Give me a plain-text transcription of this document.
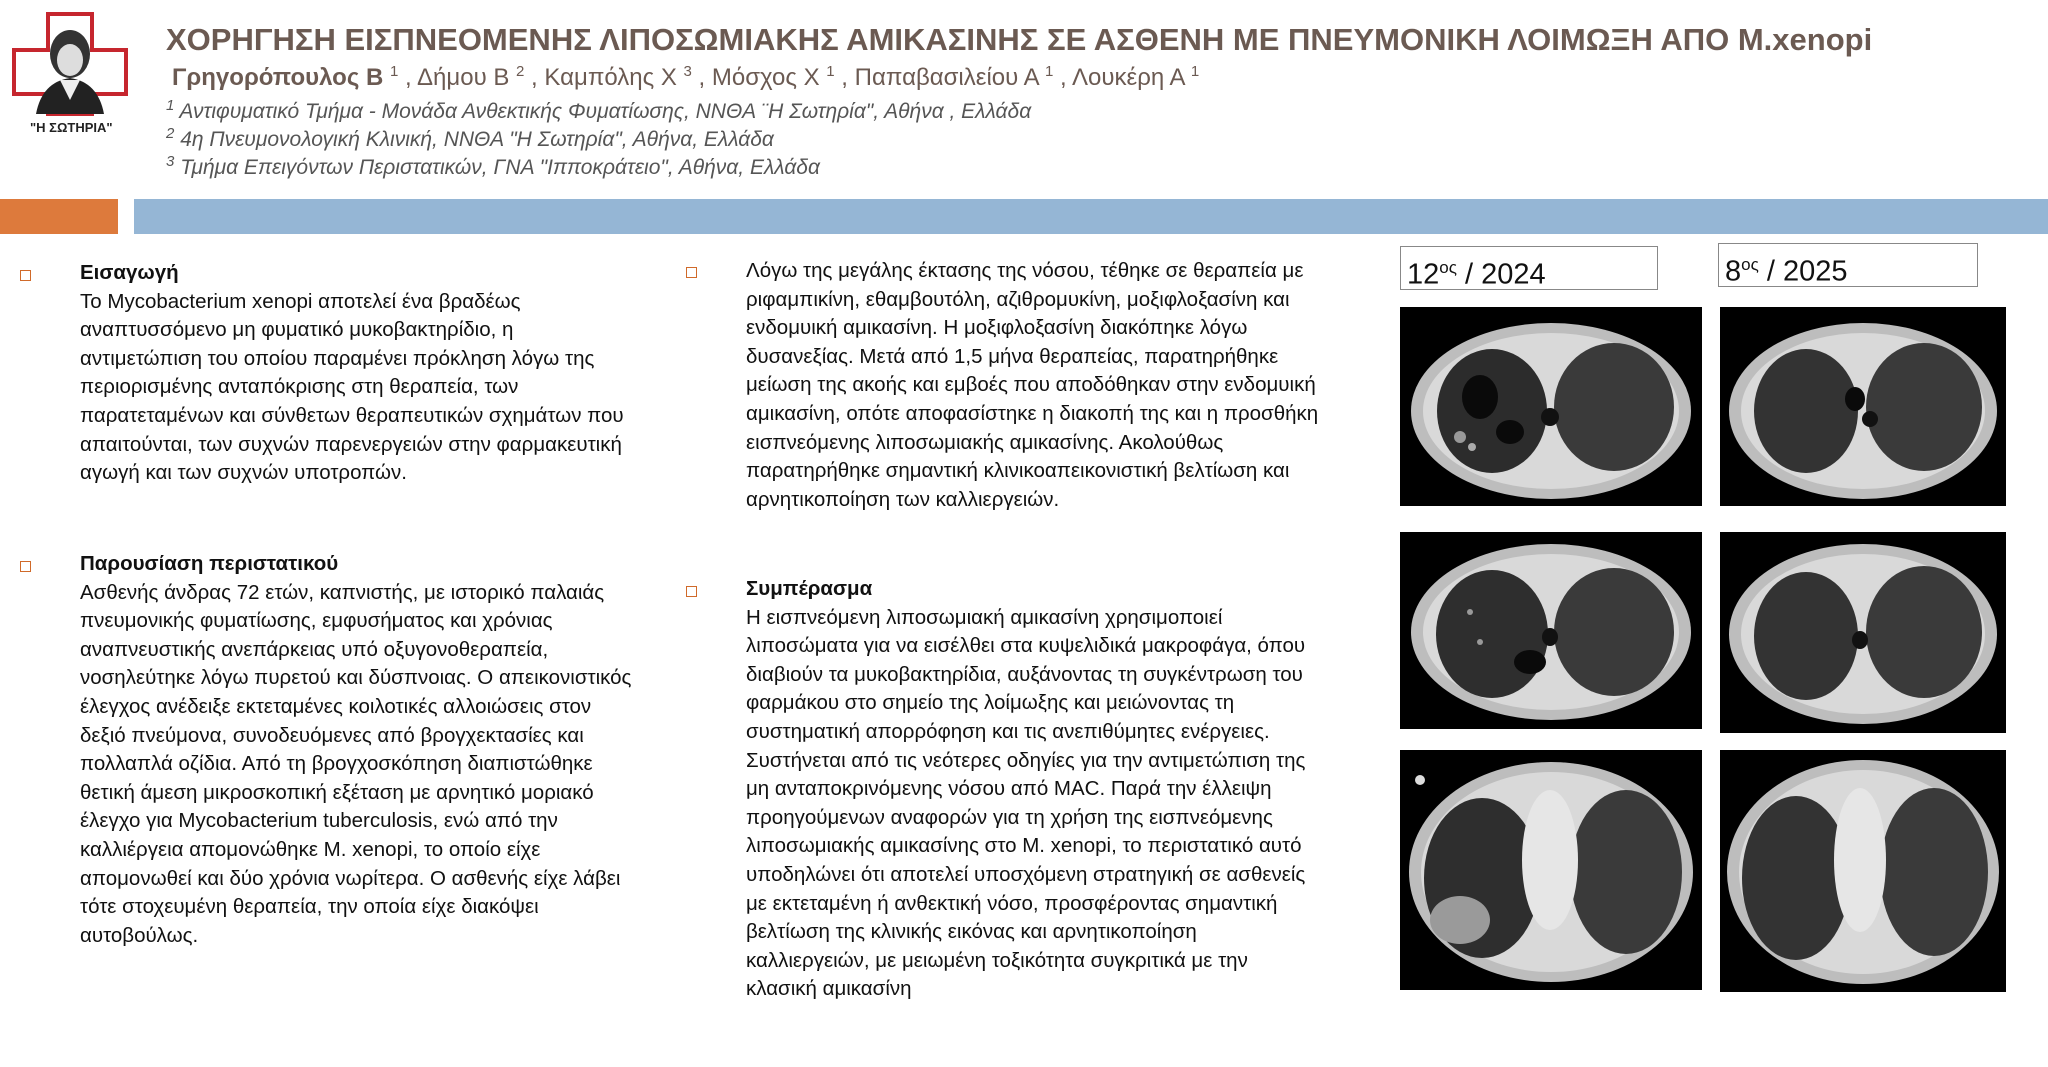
"Η ΣΩΤΗΡΙΑ"
ΧΟΡΗΓΗΣΗ ΕΙΣΠΝΕΟΜΕΝΗΣ ΛΙΠΟΣΩΜΙΑΚΗΣ ΑΜΙΚΑΣΙΝΗΣ ΣΕ ΑΣΘΕΝΗ ΜΕ ΠΝΕΥΜΟΝΙΚΗ ΛΟΙΜΩΞΗ ΑΠΟ M.xenopi
Γρηγορόπουλος Β $^1$ , Δήμου Β $^2$ , Καμπόλης Χ $^3$ , Μόσχος Χ $^1$ , Παπαβασιλείου Α $^1$ , Λουκέρη Α $^1$
$^1$ Αντιφυματικό Τμήμα - Μονάδα Ανθεκτικής Φυματίωσης, ΝΝΘΑ ¨Η Σωτηρία", Αθήνα , Ελλάδα
$^2$ 4η Πνευμονολογική Κλινική, ΝΝΘΑ "Η Σωτηρία", Αθήνα, Ελλάδα
$^3$ Τμήμα Επειγόντων Περιστατικών, ΓΝΑ "Ιπποκράτειο", Αθήνα, Ελλάδα
Εισαγωγή
Το Mycobacterium xenopi αποτελεί ένα βραδέως
αναπτυσσόμενο μη φυματικό μυκοβακτηρίδιο, η
αντιμετώπιση του οποίου παραμένει πρόκληση λόγω της
περιορισμένης ανταπόκρισης στη θεραπεία, των
παρατεταμένων και σύνθετων θεραπευτικών σχημάτων που
απαιτούνται, των συχνών παρενεργειών στην φαρμακευτική
αγωγή και των συχνών υποτροπών.
Παρουσίαση περιστατικού
Ασθενής άνδρας 72 ετών, καπνιστής, με ιστορικό παλαιάς
πνευμονικής φυματίωσης, εμφυσήματος και χρόνιας
αναπνευστικής ανεπάρκειας υπό οξυγονοθεραπεία,
νοσηλεύτηκε λόγω πυρετού και δύσπνοιας. Ο απεικονιστικός
έλεγχος ανέδειξε εκτεταμένες κοιλοτικές αλλοιώσεις στον
δεξιό πνεύμονα, συνοδευόμενες από βρογχεκτασίες και
πολλαπλά οζίδια. Από τη βρογχοσκόπηση διαπιστώθηκε
θετική άμεση μικροσκοπική εξέταση με αρνητικό μοριακό
έλεγχο για Mycobacterium tuberculosis, ενώ από την
καλλιέργεια απομονώθηκε M. xenopi, το οποίο είχε
απομονωθεί και δύο χρόνια νωρίτερα. Ο ασθενής είχε λάβει
τότε στοχευμένη θεραπεία, την οποία είχε διακόψει
αυτοβούλως.
Λόγω της μεγάλης έκτασης της νόσου, τέθηκε σε θεραπεία με
ριφαμπικίνη, εθαμβουτόλη, αζιθρομυκίνη, μοξιφλοξασίνη και
ενδομυική αμικασίνη. Η μοξιφλοξασίνη διακόπηκε λόγω
δυσανεξίας. Μετά από 1,5 μήνα θεραπείας, παρατηρήθηκε
μείωση της ακοής και εμβοές που αποδόθηκαν στην ενδομυική
αμικασίνη, οπότε αποφασίστηκε η διακοπή της και η προσθήκη
εισπνεόμενης λιποσωμιακής αμικασίνης. Ακολούθως
παρατηρήθηκε σημαντική κλινικοαπεικονιστική βελτίωση και
αρνητικοποίηση των καλλιεργειών.
Συμπέρασμα
Η εισπνεόμενη λιποσωμιακή αμικασίνη χρησιμοποιεί
λιποσώματα για να εισέλθει στα κυψελιδικά μακροφάγα, όπου
διαβιούν τα μυκοβακτηρίδια, αυξάνοντας τη συγκέντρωση του
φαρμάκου στο σημείο της λοίμωξης και μειώνοντας τη
συστηματική απορρόφηση και τις ανεπιθύμητες ενέργειες.
Συστήνεται από τις νεότερες οδηγίες για την αντιμετώπιση της
μη ανταποκρινόμενης νόσου από MAC. Παρά την έλλειψη
προηγούμενων αναφορών για τη χρήση της εισπνεόμενης
λιποσωμιακής αμικασίνης στο M. xenopi, το περιστατικό αυτό
υποδηλώνει ότι αποτελεί υποσχόμενη στρατηγική σε ασθενείς
με εκτεταμένη ή ανθεκτική νόσο, προσφέροντας σημαντική
βελτίωση της κλινικής εικόνας και αρνητικοποίηση
καλλιεργειών, με μειωμένη τοξικότητα συγκριτικά με την
κλασική αμικασίνη
$12^{o\varsigma} / 2024$	$8^{o\varsigma} / 2025$
